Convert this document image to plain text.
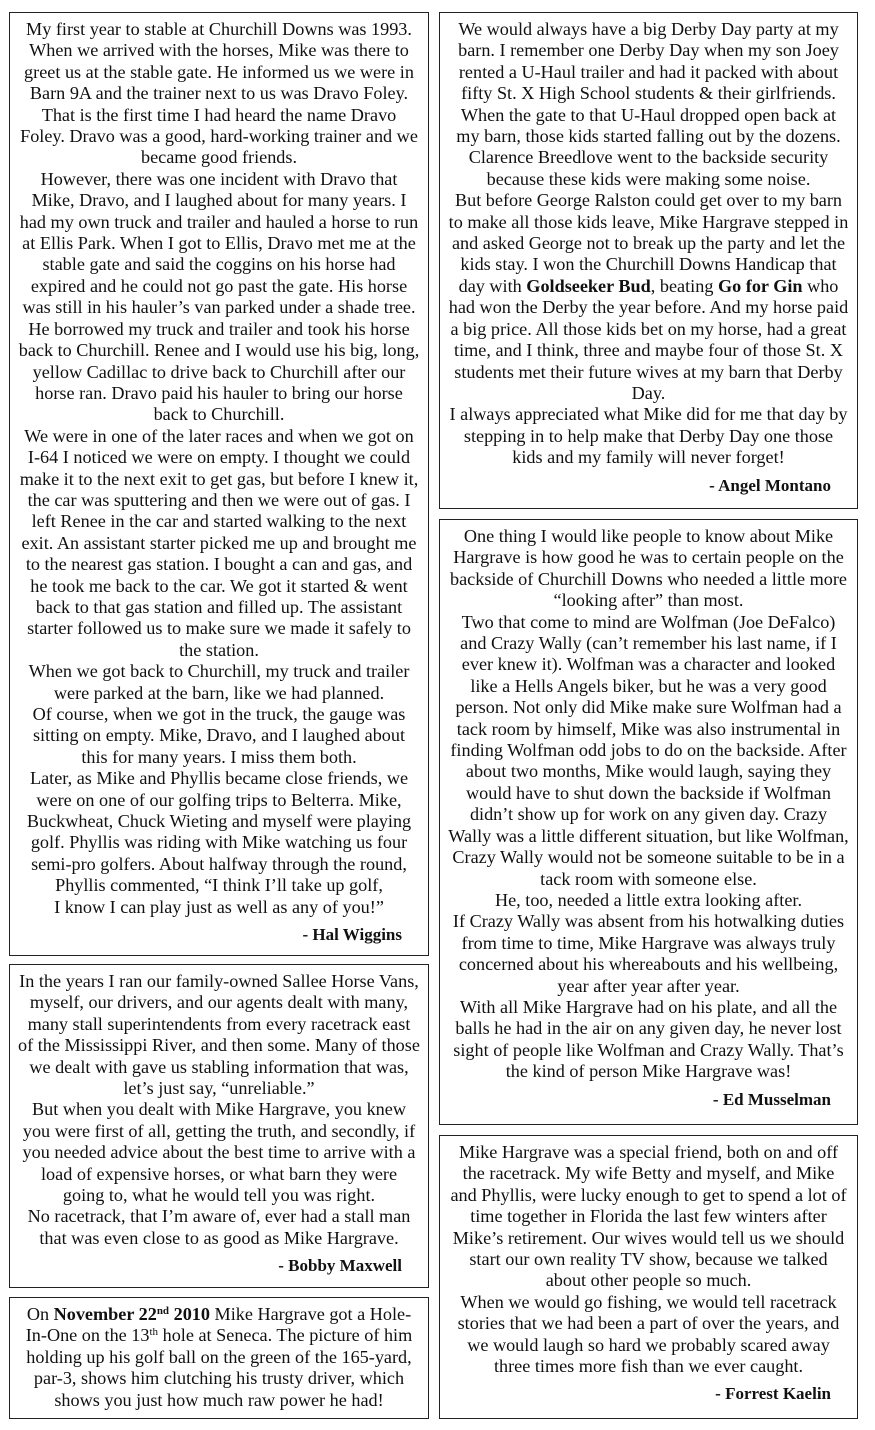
My first year to stable at Churchill Downs was 1993. When we arrived with the horses, Mike was there to greet us at the stable gate. He informed us we were in Barn 9A and the trainer next to us was Dravo Foley. That is the first time I had heard the name Dravo Foley. Dravo was a good, hard-working trainer and we became good friends.

However, there was one incident with Dravo that Mike, Dravo, and I laughed about for many years. I had my own truck and trailer and hauled a horse to run at Ellis Park. When I got to Ellis, Dravo met me at the stable gate and said the coggins on his horse had expired and he could not go past the gate. His horse was still in his hauler’s van parked under a shade tree. He borrowed my truck and trailer and took his horse back to Churchill. Renee and I would use his big, long, yellow Cadillac to drive back to Churchill after our horse ran. Dravo paid his hauler to bring our horse back to Churchill.

We were in one of the later races and when we got on I-64 I noticed we were on empty. I thought we could make it to the next exit to get gas, but before I knew it, the car was sputtering and then we were out of gas. I left Renee in the car and started walking to the next exit. An assistant starter picked me up and brought me to the nearest gas station. I bought a can and gas, and he took me back to the car. We got it started & went back to that gas station and filled up. The assistant starter followed us to make sure we made it safely to the station.

When we got back to Churchill, my truck and trailer were parked at the barn, like we had planned.

Of course, when we got in the truck, the gauge was sitting on empty. Mike, Dravo, and I laughed about this for many years. I miss them both.

Later, as Mike and Phyllis became close friends, we were on one of our golfing trips to Belterra. Mike, Buckwheat, Chuck Wieting and myself were playing golf. Phyllis was riding with Mike watching us four semi-pro golfers. About halfway through the round, Phyllis commented, “I think I’ll take up golf,

I know I can play just as well as any of you!”

- Hal Wiggins

In the years I ran our family-owned Sallee Horse Vans, myself, our drivers, and our agents dealt with many, many stall superintendents from every racetrack east of the Mississippi River, and then some. Many of those we dealt with gave us stabling information that was, let’s just say, “unreliable.”

But when you dealt with Mike Hargrave, you knew you were first of all, getting the truth, and secondly, if you needed advice about the best time to arrive with a load of expensive horses, or what barn they were going to, what he would tell you was right.

No racetrack, that I’m aware of, ever had a stall man that was even close to as good as Mike Hargrave.

- Bobby Maxwell

On November 22nd 2010 Mike Hargrave got a Hole-In-One on the 13th hole at Seneca. The picture of him holding up his golf ball on the green of the 165-yard, par-3, shows him clutching his trusty driver, which shows you just how much raw power he had!

We would always have a big Derby Day party at my barn. I remember one Derby Day when my son Joey rented a U-Haul trailer and had it packed with about fifty St. X High School students & their girlfriends. When the gate to that U-Haul dropped open back at my barn, those kids started falling out by the dozens. Clarence Breedlove went to the backside security because these kids were making some noise.

But before George Ralston could get over to my barn to make all those kids leave, Mike Hargrave stepped in and asked George not to break up the party and let the kids stay. I won the Churchill Downs Handicap that day with Goldseeker Bud, beating Go for Gin who had won the Derby the year before. And my horse paid a big price. All those kids bet on my horse, had a great time, and I think, three and maybe four of those St. X students met their future wives at my barn that Derby Day.

I always appreciated what Mike did for me that day by stepping in to help make that Derby Day one those kids and my family will never forget!

- Angel Montano

One thing I would like people to know about Mike Hargrave is how good he was to certain people on the backside of Churchill Downs who needed a little more “looking after” than most.

Two that come to mind are Wolfman (Joe DeFalco) and Crazy Wally (can’t remember his last name, if I ever knew it). Wolfman was a character and looked like a Hells Angels biker, but he was a very good person. Not only did Mike make sure Wolfman had a tack room by himself, Mike was also instrumental in finding Wolfman odd jobs to do on the backside. After about two months, Mike would laugh, saying they would have to shut down the backside if Wolfman didn’t show up for work on any given day. Crazy Wally was a little different situation, but like Wolfman, Crazy Wally would not be someone suitable to be in a tack room with someone else.

He, too, needed a little extra looking after.

If Crazy Wally was absent from his hotwalking duties from time to time, Mike Hargrave was always truly concerned about his whereabouts and his wellbeing, year after year after year.

With all Mike Hargrave had on his plate, and all the balls he had in the air on any given day, he never lost sight of people like Wolfman and Crazy Wally. That’s the kind of person Mike Hargrave was!

- Ed Musselman

Mike Hargrave was a special friend, both on and off the racetrack. My wife Betty and myself, and Mike and Phyllis, were lucky enough to get to spend a lot of time together in Florida the last few winters after Mike’s retirement. Our wives would tell us we should start our own reality TV show, because we talked about other people so much.

When we would go fishing, we would tell racetrack stories that we had been a part of over the years, and we would laugh so hard we probably scared away three times more fish than we ever caught.

- Forrest Kaelin
